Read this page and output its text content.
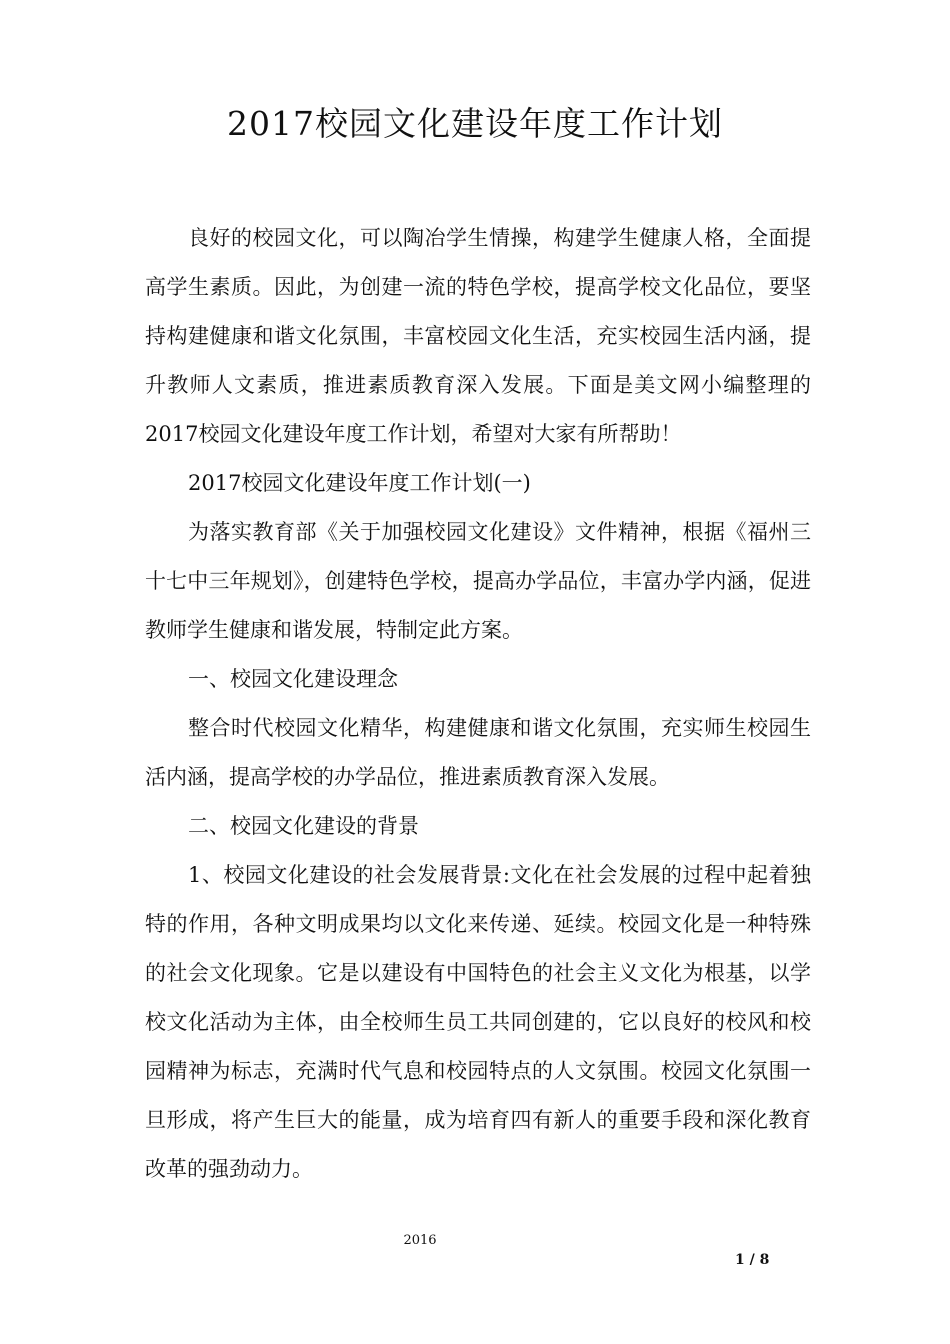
2017校园文化建设年度工作计划

良好的校园文化，可以陶冶学生情操，构建学生健康人格，全面提高学生素质。因此，为创建一流的特色学校，提高学校文化品位，要坚持构建健康和谐文化氛围，丰富校园文化生活，充实校园生活内涵，提升教师人文素质，推进素质教育深入发展。下面是美文网小编整理的2017校园文化建设年度工作计划，希望对大家有所帮助！

2017校园文化建设年度工作计划(一)

为落实教育部《关于加强校园文化建设》文件精神，根据《福州三十七中三年规划》，创建特色学校，提高办学品位，丰富办学内涵，促进教师学生健康和谐发展，特制定此方案。

一、校园文化建设理念

整合时代校园文化精华，构建健康和谐文化氛围，充实师生校园生活内涵，提高学校的办学品位，推进素质教育深入发展。

二、校园文化建设的背景

1、校园文化建设的社会发展背景:文化在社会发展的过程中起着独特的作用，各种文明成果均以文化来传递、延续。校园文化是一种特殊的社会文化现象。它是以建设有中国特色的社会主义文化为根基，以学校文化活动为主体，由全校师生员工共同创建的，它以良好的校风和校园精神为标志，充满时代气息和校园特点的人文氛围。校园文化氛围一旦形成，将产生巨大的能量，成为培育四有新人的重要手段和深化教育改革的强劲动力。

2016
1 / 8
